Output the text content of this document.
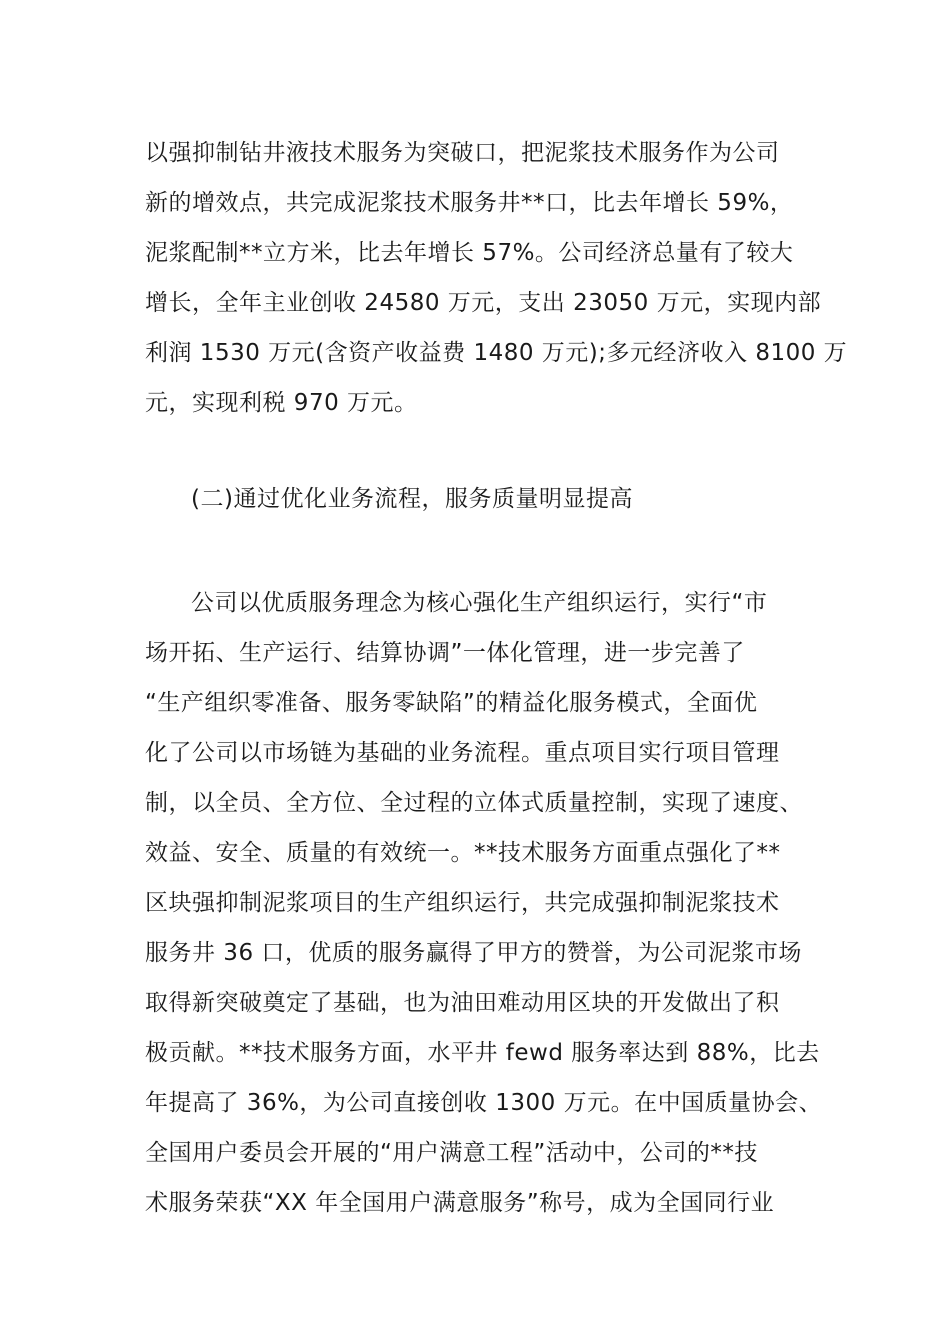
以强抑制钻井液技术服务为突破口，把泥浆技术服务作为公司
新的增效点，共完成泥浆技术服务井**口，比去年增长 59%，
泥浆配制**立方米，比去年增长 57%。公司经济总量有了较大
增长，全年主业创收 24580 万元，支出 23050 万元，实现内部
利润 1530 万元(含资产收益费 1480 万元);多元经济收入 8100 万
元，实现利税 970 万元。
(二)通过优化业务流程，服务质量明显提高
公司以优质服务理念为核心强化生产组织运行，实行“市
场开拓、生产运行、结算协调”一体化管理，进一步完善了
“生产组织零准备、服务零缺陷”的精益化服务模式，全面优
化了公司以市场链为基础的业务流程。重点项目实行项目管理
制，以全员、全方位、全过程的立体式质量控制，实现了速度、
效益、安全、质量的有效统一。**技术服务方面重点强化了**
区块强抑制泥浆项目的生产组织运行，共完成强抑制泥浆技术
服务井 36 口，优质的服务赢得了甲方的赞誉，为公司泥浆市场
取得新突破奠定了基础，也为油田难动用区块的开发做出了积
极贡献。**技术服务方面，水平井 fewd 服务率达到 88%，比去
年提高了 36%，为公司直接创收 1300 万元。在中国质量协会、
全国用户委员会开展的“用户满意工程”活动中，公司的**技
术服务荣获“XX 年全国用户满意服务”称号，成为全国同行业
